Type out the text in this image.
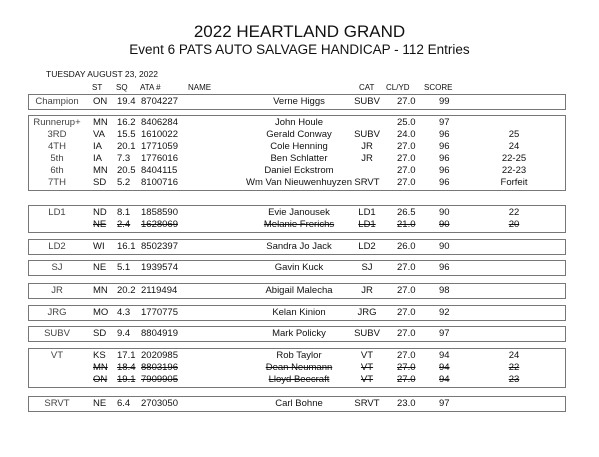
2022 HEARTLAND GRAND
Event 6 PATS AUTO SALVAGE HANDICAP - 112 Entries
TUESDAY AUGUST 23, 2022
ST SQ ATA #	NAME	CAT CL/YD SCORE
Champion	ON 19.4 8704227	Verne Higgs	SUBV 27.0 99
Runnerup+	MN 16.2 8406284	John Houle	25.0 97
3RD	VA 15.5 1610022	Gerald Conway	SUBV 24.0 96	25
4TH	IA 20.1 1771059	Cole Henning	JR	27.0 96	24
5th	IA 7.3 1776016	Ben Schlatter	JR	27.0 96	22-25
6th	MN 20.5 8404115	Daniel Eckstrom	27.0 96	22-23
7TH	SD 5.2 8100716	Wm Van Nieuwenhuyzen SRVT 27.0 96	Forfeit
LD1	ND 8.1 1858590	Evie Janousek	LD1	26.5 90	22
NE 2.4 1628069	Melanie Frerichs	LD1	21.0 90	20
LD2	WI 16.1 8502397	Sandra Jo Jack	LD2	26.0 90
SJ	NE 5.1 1939574	Gavin Kuck	SJ	27.0 96
JR	MN 20.2 2119494	Abigail Malecha	JR	27.0 98
JRG	MO 4.3 1770775	Kelan Kinion	JRG	27.0 92
SUBV	SD 9.4 8804919	Mark Policky	SUBV 27.0 97
VT	KS 17.1 2020985	Rob Taylor	VT	27.0 94	24
MN 18.4 8803196	Dean Neumann	VT	27.0 94	22
ON 19.1 7909905	Lloyd Beecraft	VT	27.0 94	23
SRVT	NE 6.4 2703050	Carl Bohne	SRVT 23.0 97
